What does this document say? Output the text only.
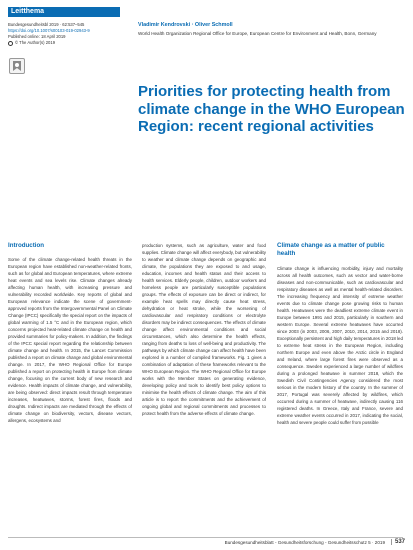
Leitthema
Bundesgesundheitsbl 2019 · 62:537–545
https://doi.org/10.1007/s00103-019-02943-9
Published online: 18 April 2019
© The Author(s) 2019
Vladimir Kendrovski · Oliver Schmoll
World Health Organization Regional Office for Europe, European Centre for Environment and Health, Bonn, Germany
Priorities for protecting health from climate change in the WHO European Region: recent regional activities
Introduction

Some of the climate change-related health threats in the European region have established non-weather-related fronts, such as for global and European temperatures, where extreme heat events and sea levels rise. Climate changes already affecting human health, with increasing pressure and vulnerability recorded worldwide. Key reports of global and European relevance indicate the scene of government-approved reports from the Intergovernmental Panel on Climate Change (IPCC) specifically the special report on the impacts of global warming of 1.5 °C and in the European region, which concerns projected heat-related climate change on health and provided summaries for policy-makers. In addition, the findings of the IPCC special report regarding the relationship between climate change and health. In 2015, the Lancet Commission published a report on climate change and global environmental change. In 2017, the WHO Regional Office for Europe published a report on protecting health in Europe from climate change, focusing on the current body of new research and evidence. Health impacts of climate change, and vulnerability, are being observed: direct impacts result through temperature increases, heatwaves, storms, forest fires, floods and droughts. Indirect impacts are mediated through the effects of climate change on biodiversity, vectors, disease vectors, allergens, ecosystems and

production systems, such as agriculture, water and food supplies. Climate change will affect everybody, but vulnerability to weather and climate change depends on geographic and climate, the populations they are exposed to and usage, education, incomes and health status and their access to health services. Elderly people, children, outdoor workers and homeless people are particularly susceptible populations groups. The effects of exposure can be direct or indirect, for example heat spells may directly cause heat stress, dehydration or heat stroke, while the worsening of cardiovascular and respiratory conditions or electrolyte disorders may be indirect consequences. The effects of climate change affect environmental conditions and social circumstances, which also determine the health effects, ranging from deaths to loss of well-being and productivity. The pathways by which climate change can affect health have been explored in a number of compiled frameworks. Fig. 1 gives a combination of adaptation of these frameworks relevant to the WHO European Region. The WHO Regional Office for Europe works with the Member States on generating evidence, developing policy and tools to identify best policy options to minimise the health effects of climate change. The aim of this article is to report the commitments and the achievement of ongoing global and regional commitments and processes to protect health from the adverse effects of climate change.

Climate change as a matter of public health

Climate change is influencing morbidity, injury and mortality across all health outcomes, such as vector and water-borne diseases and non-communicable, such as cardiovascular and respiratory diseases as well as mental health-related disorders. The increasing frequency and intensity of extreme weather events due to climate change pose growing risks to human health. Heatwaves were the deadliest extreme climate event in Europe between 1991 and 2015, particularly in southern and western Europe. Several extreme heatwaves have occurred since 2003 (in 2003, 2006, 2007, 2010, 2014, 2015 and 2018). Exceptionally persistent and high daily temperatures in 2018 led to extreme heat stress in the European Region, including northern Europe and even above the Arctic circle in England and Ireland, where large forest fires were observed as a consequence. Sweden experienced a large number of wildfires during a prolonged heatwave in summer 2018, which the Swedish Civil Contingencies Agency considered the most serious in the modern history of the country. In the summer of 2017, Portugal was severely affected by wildfires, which occurred during a summer of heatwave, indirectly causing 116 registered deaths. In Greece, Italy and France, severe and extreme weather events occurred in 2017, indicating the social, health and severe people could suffer from possible

Bundesgesundheitsblatt - Gesundheitsforschung - Gesundheitsschutz 5 · 2019	537
